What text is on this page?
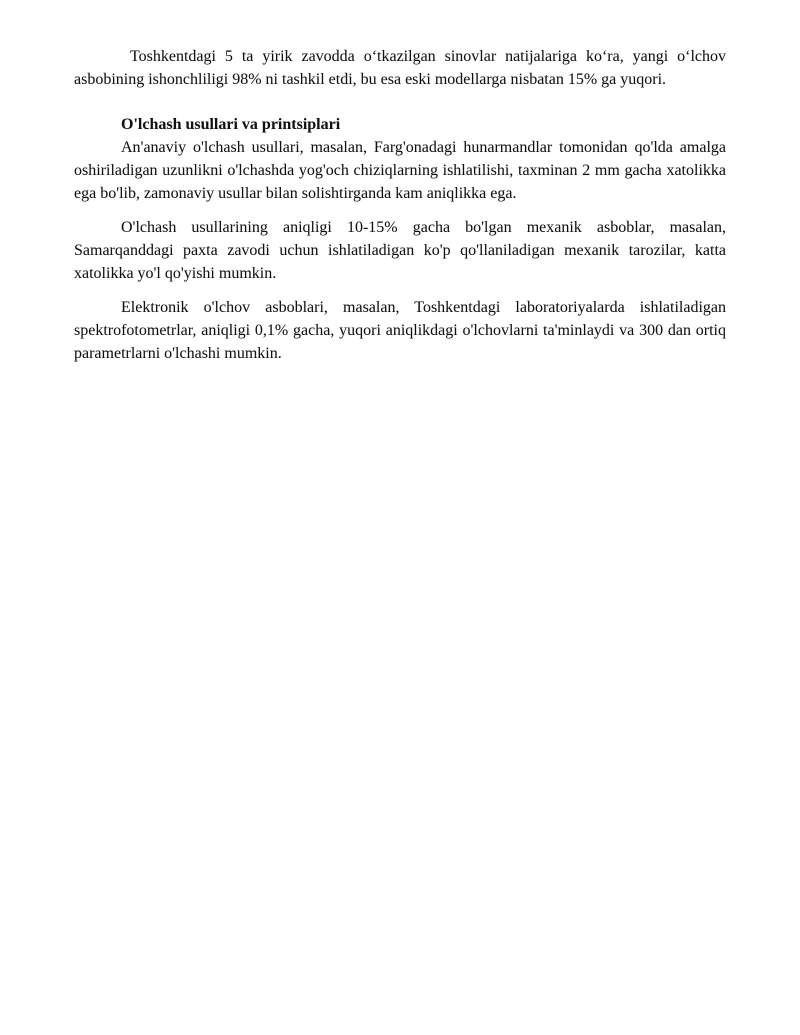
Toshkentdagi 5 ta yirik zavodda o‘tkazilgan sinovlar natijalariga ko‘ra, yangi o‘lchov asbobining ishonchliligi 98% ni tashkil etdi, bu esa eski modellarga nisbatan 15% ga yuqori.

O'lchash usullari va printsiplari

An'anaviy o'lchash usullari, masalan, Farg'onadagi hunarmandlar tomonidan qo'lda amalga oshiriladigan uzunlikni o'lchashda yog'och chiziqlarning ishlatilishi, taxminan 2 mm gacha xatolikka ega bo'lib, zamonaviy usullar bilan solishtirganda kam aniqlikka ega.

O'lchash usullarining aniqligi 10-15% gacha bo'lgan mexanik asboblar, masalan, Samarqanddagi paxta zavodi uchun ishlatiladigan ko'p qo'llaniladigan mexanik tarozilar, katta xatolikka yo'l qo'yishi mumkin.

Elektronik o'lchov asboblari, masalan, Toshkentdagi laboratoriyalarda ishlatiladigan spektrofotometrlar, aniqligi 0,1% gacha, yuqori aniqlikdagi o'lchovlarni ta'minlaydi va 300 dan ortiq parametrlarni o'lchashi mumkin.
